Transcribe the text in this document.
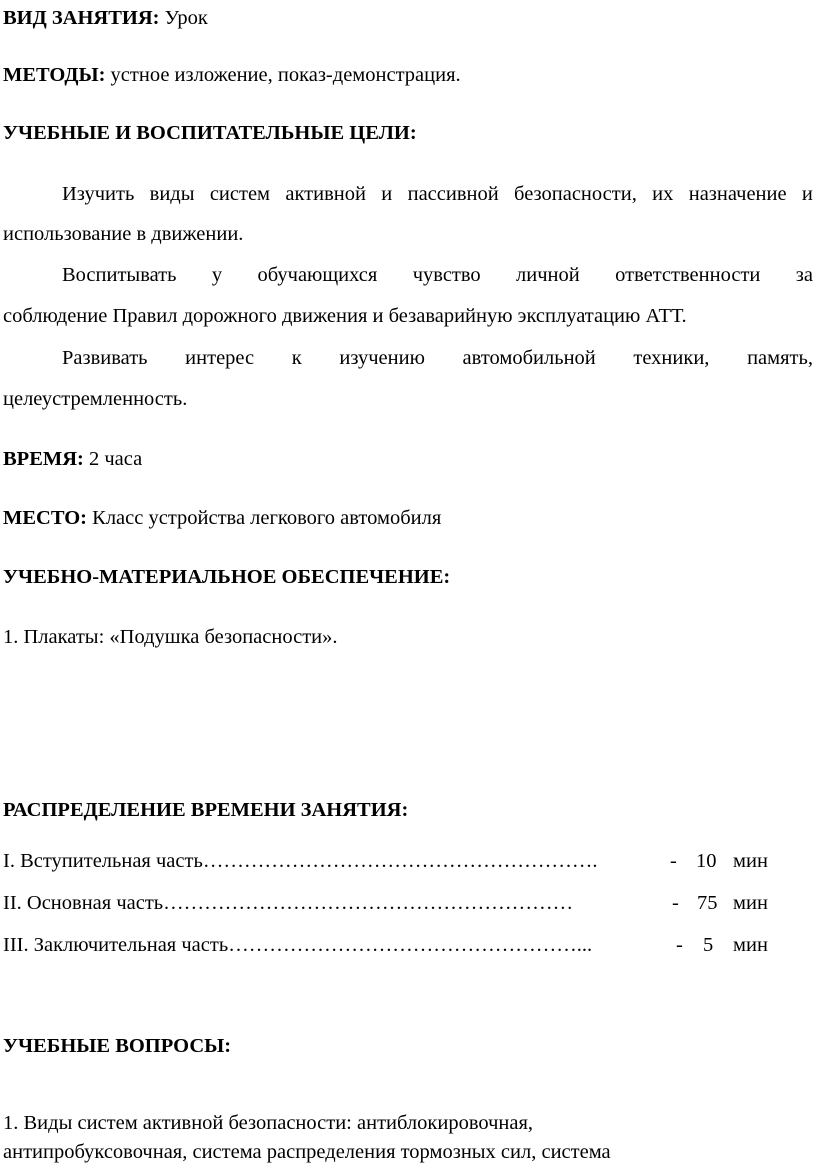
ВИД ЗАНЯТИЯ: Урок
МЕТОДЫ: устное изложение, показ-демонстрация.
УЧЕБНЫЕ И ВОСПИТАТЕЛЬНЫЕ ЦЕЛИ:
Изучить виды систем активной и пассивной безопасности, их назначение и
использование в движении.
Воспитывать у обучающихся чувство личной ответственности за
соблюдение Правил дорожного движения и безаварийную эксплуатацию АТТ.
Развивать интерес к изучению автомобильной техники, память,
целеустремленность.
ВРЕМЯ: 2 часа
МЕСТО: Класс устройства легкового автомобиля
УЧЕБНО-МАТЕРИАЛЬНОЕ ОБЕСПЕЧЕНИЕ:
1. Плакаты: «Подушка безопасности».
РАСПРЕДЕЛЕНИЕ ВРЕМЕНИ ЗАНЯТИЯ:
I. Вступительная часть………………………………………………….	- 10 мин
II. Основная часть……………………………………………………	- 75 мин
III. Заключительная часть……………………………………………...	- 5 мин
УЧЕБНЫЕ ВОПРОСЫ:
1. Виды систем активной безопасности: антиблокировочная,
антипробуксовочная, система распределения тормозных сил, система
